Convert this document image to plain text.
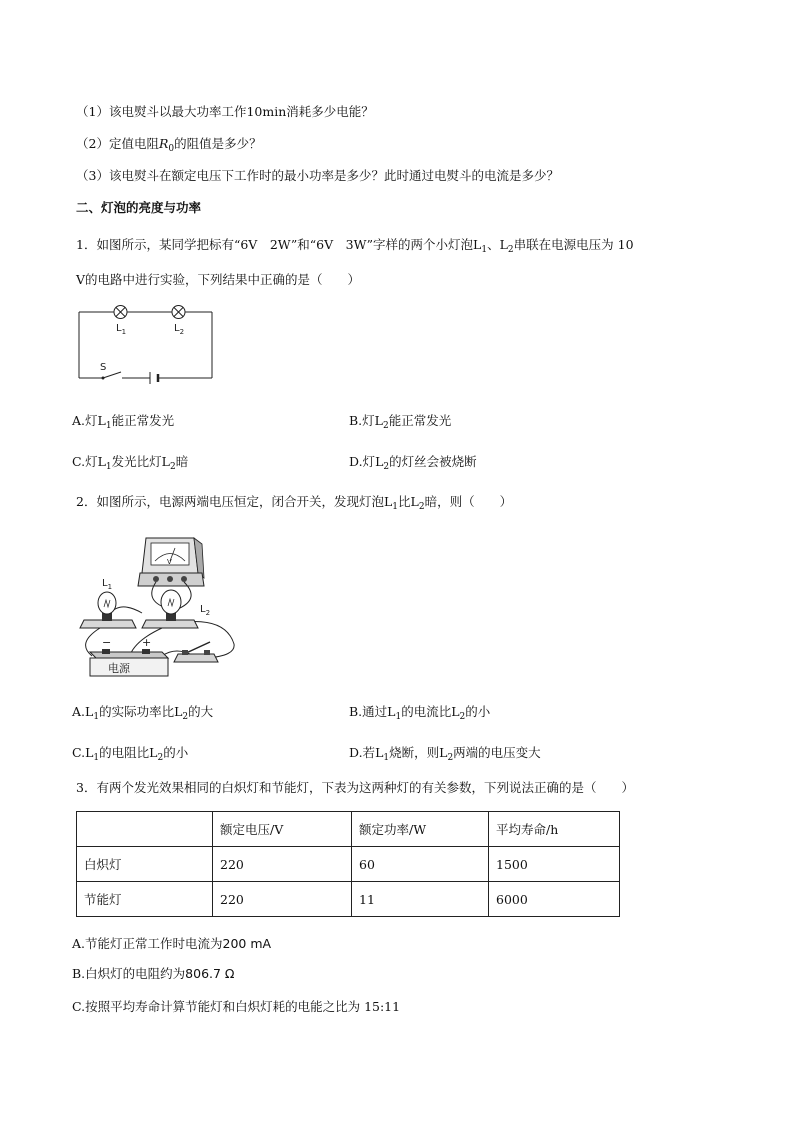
（1）该电熨斗以最大功率工作10min消耗多少电能？
（2）定值电阻$R_0$的阻值是多少？
（3）该电熨斗在额定电压下工作时的最小功率是多少？此时通过电熨斗的电流是多少？
二、灯泡的亮度与功率
1．如图所示，某同学把标有“6V　2W”和“6V　3W”字样的两个小灯泡$L_1$、$L_2$串联在电源电压为 10
V的电路中进行实验，下列结果中正确的是（　　）
$L_1$	$L_2$
S
A.灯$L_1$能正常发光	B.灯$L_2$能正常发光
C.灯$L_1$发光比灯$L_2$暗	D.灯$L_2$的灯丝会被烧断
2．如图所示，电源两端电压恒定，闭合开关，发现灯泡$L_1$比$L_2$暗，则（　　）
V
$L_1$
$L_2$
−	+
电源
$A.L_1$的实际功率比$L_2$的大	B.通过$L_1$的电流比$L_2$的小
$C.L_1$的电阻比$L_2$的小	D.若$L_1$烧断，则$L_2$两端的电压变大
3．有两个发光效果相同的白炽灯和节能灯，下表为这两种灯的有关参数，下列说法正确的是（　　）
	额定电压/V	额定功率/W	平均寿命/h
白炽灯	220	60	1500
节能灯	220	11	6000
A.节能灯正常工作时电流为200 mA
B.白炽灯的电阻约为806.7 Ω
C.按照平均寿命计算节能灯和白炽灯耗的电能之比为 15:11
